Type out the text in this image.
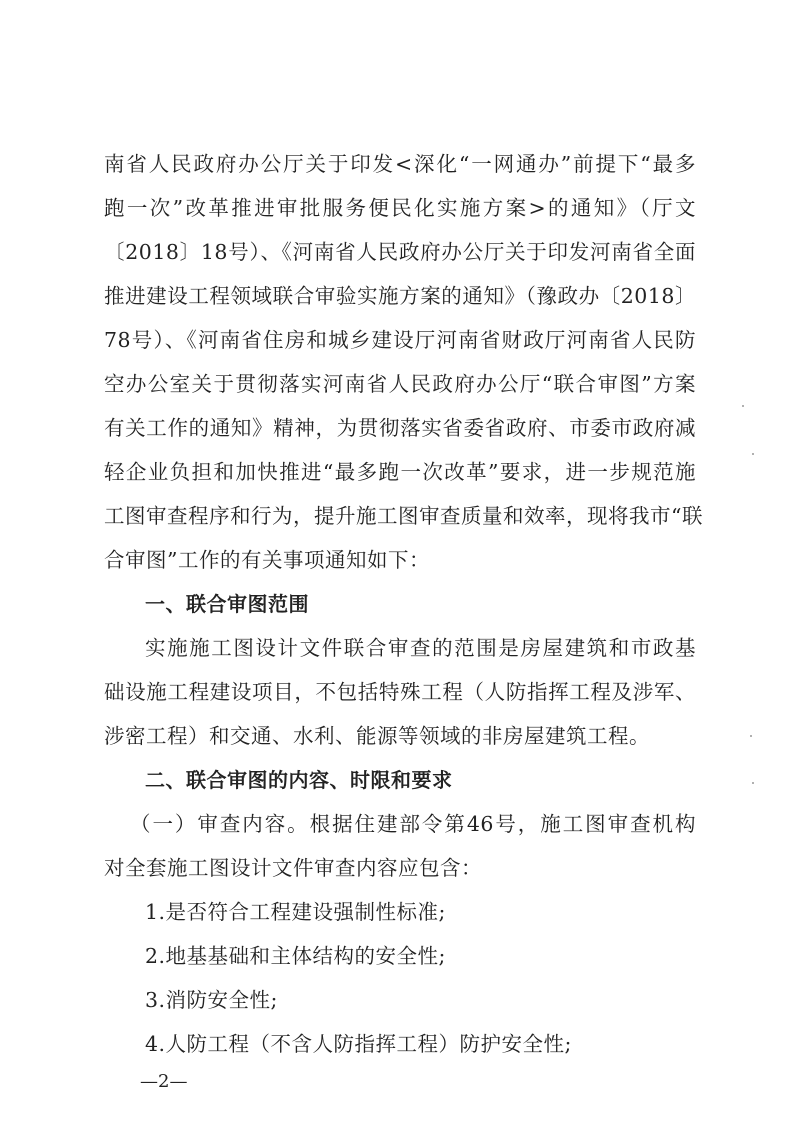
南省人民政府办公厅关于印发<深化“一网通办”前提下“最多
跑一次”改革推进审批服务便民化实施方案>的通知》（厅文
〔2018〕18号）、《河南省人民政府办公厅关于印发河南省全面
推进建设工程领域联合审验实施方案的通知》（豫政办〔2018〕
78号）、《河南省住房和城乡建设厅河南省财政厅河南省人民防
空办公室关于贯彻落实河南省人民政府办公厅“联合审图”方案
有关工作的通知》精神，为贯彻落实省委省政府、市委市政府减
轻企业负担和加快推进“最多跑一次改革”要求，进一步规范施
工图审查程序和行为，提升施工图审查质量和效率，现将我市“联
合审图”工作的有关事项通知如下：
一、联合审图范围
实施施工图设计文件联合审查的范围是房屋建筑和市政基
础设施工程建设项目，不包括特殊工程（人防指挥工程及涉军、
涉密工程）和交通、水利、能源等领域的非房屋建筑工程。
二、联合审图的内容、时限和要求
（一）审查内容。根据住建部令第46号，施工图审查机构
对全套施工图设计文件审查内容应包含：
1.是否符合工程建设强制性标准;
2.地基基础和主体结构的安全性;
3.消防安全性;
4.人防工程（不含人防指挥工程）防护安全性;
—2—
